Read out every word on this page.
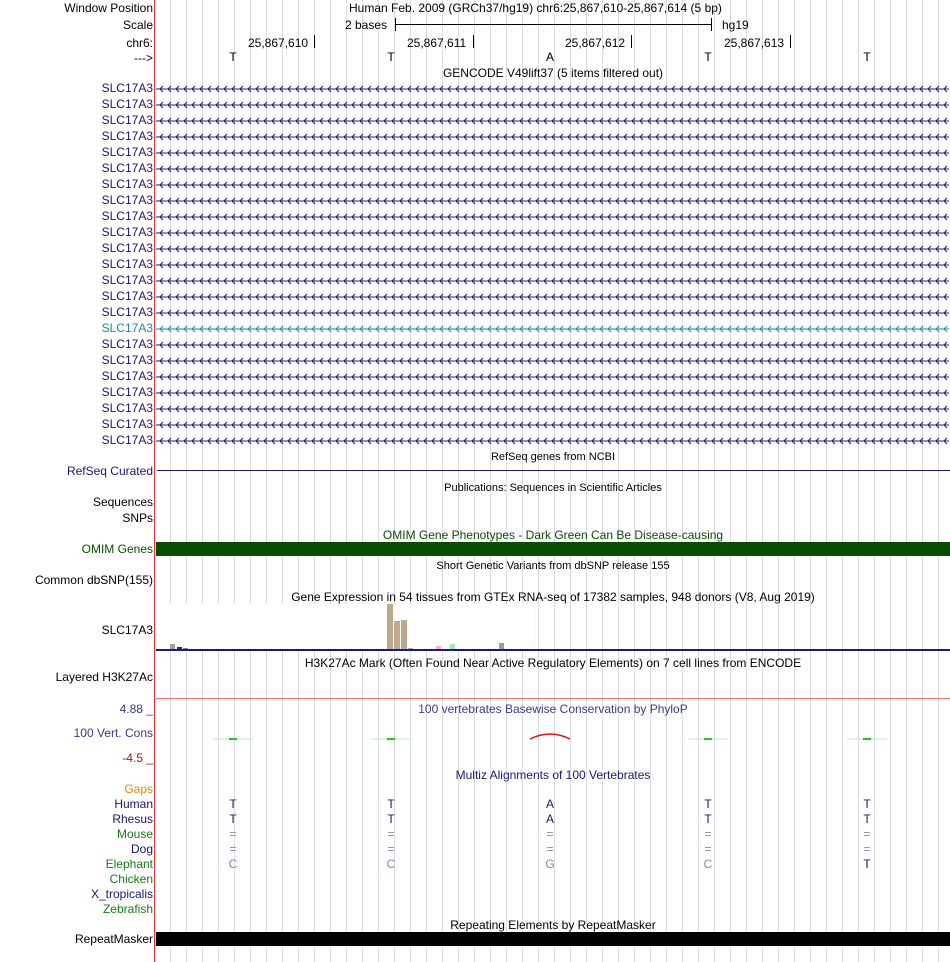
Window Position	Human Feb. 2009 (GRCh37/hg19) chr6:25,867,610-25,867,614 (5 bp)
Scale	2 bases	hg19
chr6:	25,867,610	25,867,611	25,867,612	25,867,613
--->	T	T	A	T	T
GENCODE V49lift37 (5 items filtered out)
SLC17A3
SLC17A3
SLC17A3
SLC17A3
SLC17A3
SLC17A3
SLC17A3
SLC17A3
SLC17A3
SLC17A3
SLC17A3
SLC17A3
SLC17A3
SLC17A3
SLC17A3
SLC17A3
SLC17A3
SLC17A3
SLC17A3
SLC17A3
SLC17A3
SLC17A3
SLC17A3
RefSeq genes from NCBI
RefSeq Curated
Publications: Sequences in Scientific Articles
Sequences
SNPs
OMIM Gene Phenotypes - Dark Green Can Be Disease-causing
OMIM Genes
Short Genetic Variants from dbSNP release 155
Common dbSNP(155)
Gene Expression in 54 tissues from GTEx RNA-seq of 17382 samples, 948 donors (V8, Aug 2019)
SLC17A3
H3K27Ac Mark (Often Found Near Active Regulatory Elements) on 7 cell lines from ENCODE
Layered H3K27Ac
100 vertebrates Basewise Conservation by PhyloP
4.88 _
100 Vert. Cons
-4.5 _
Multiz Alignments of 100 Vertebrates
Gaps
Human	T	T	A	T	T
Rhesus	T	T	A	T	T
Mouse	=	=	=	=	=
Dog	=	=	=	=	=
Elephant	C	C	G	C	T
Chicken
X_tropicalis
Zebrafish
Repeating Elements by RepeatMasker
RepeatMasker
